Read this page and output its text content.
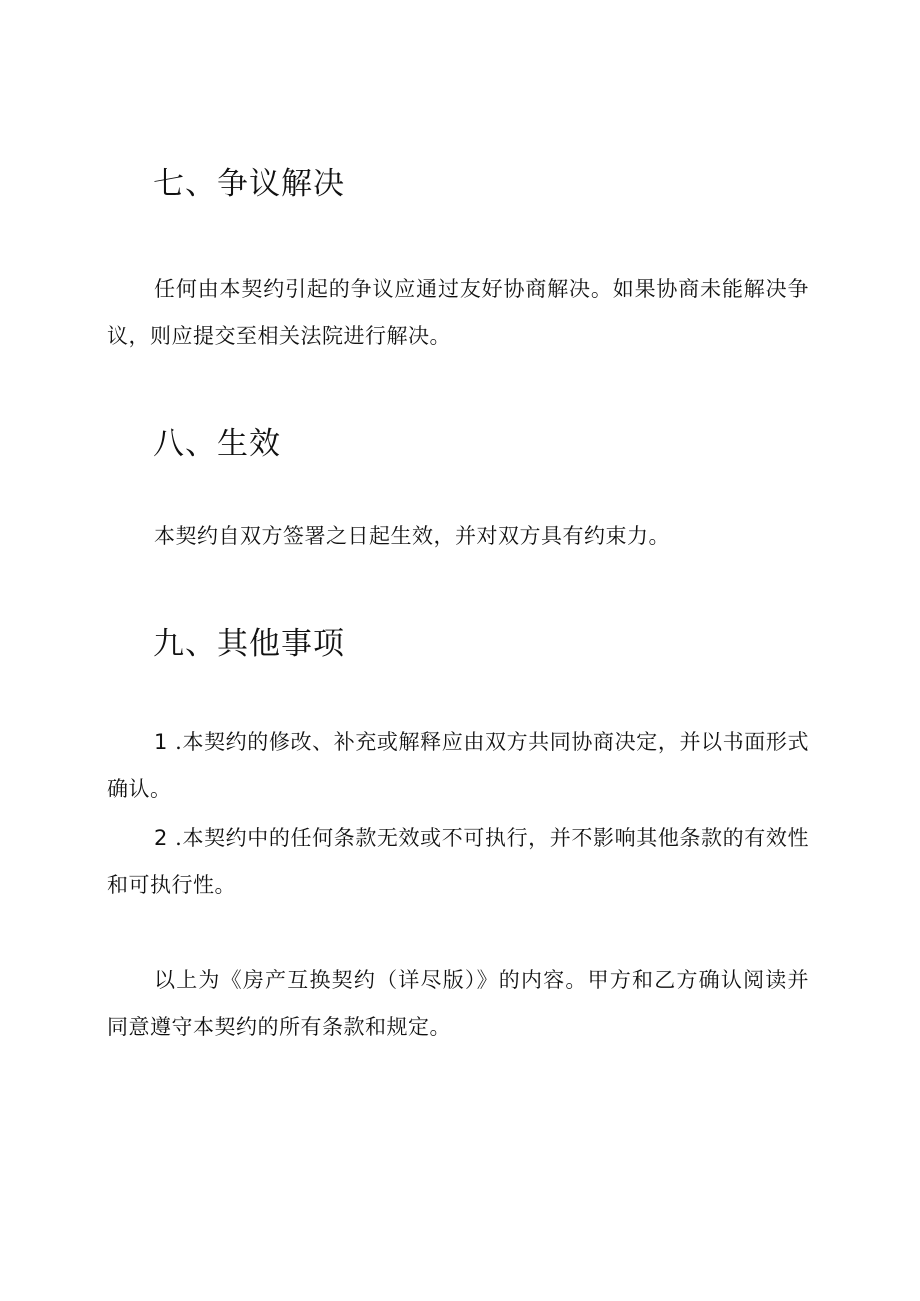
七、争议解决

任何由本契约引起的争议应通过友好协商解决。如果协商未能解决争议，则应提交至相关法院进行解决。

八、生效

本契约自双方签署之日起生效，并对双方具有约束力。

九、其他事项

1 .本契约的修改、补充或解释应由双方共同协商决定，并以书面形式确认。

2 .本契约中的任何条款无效或不可执行，并不影响其他条款的有效性和可执行性。

以上为《房产互换契约（详尽版）》的内容。甲方和乙方确认阅读并同意遵守本契约的所有条款和规定。
